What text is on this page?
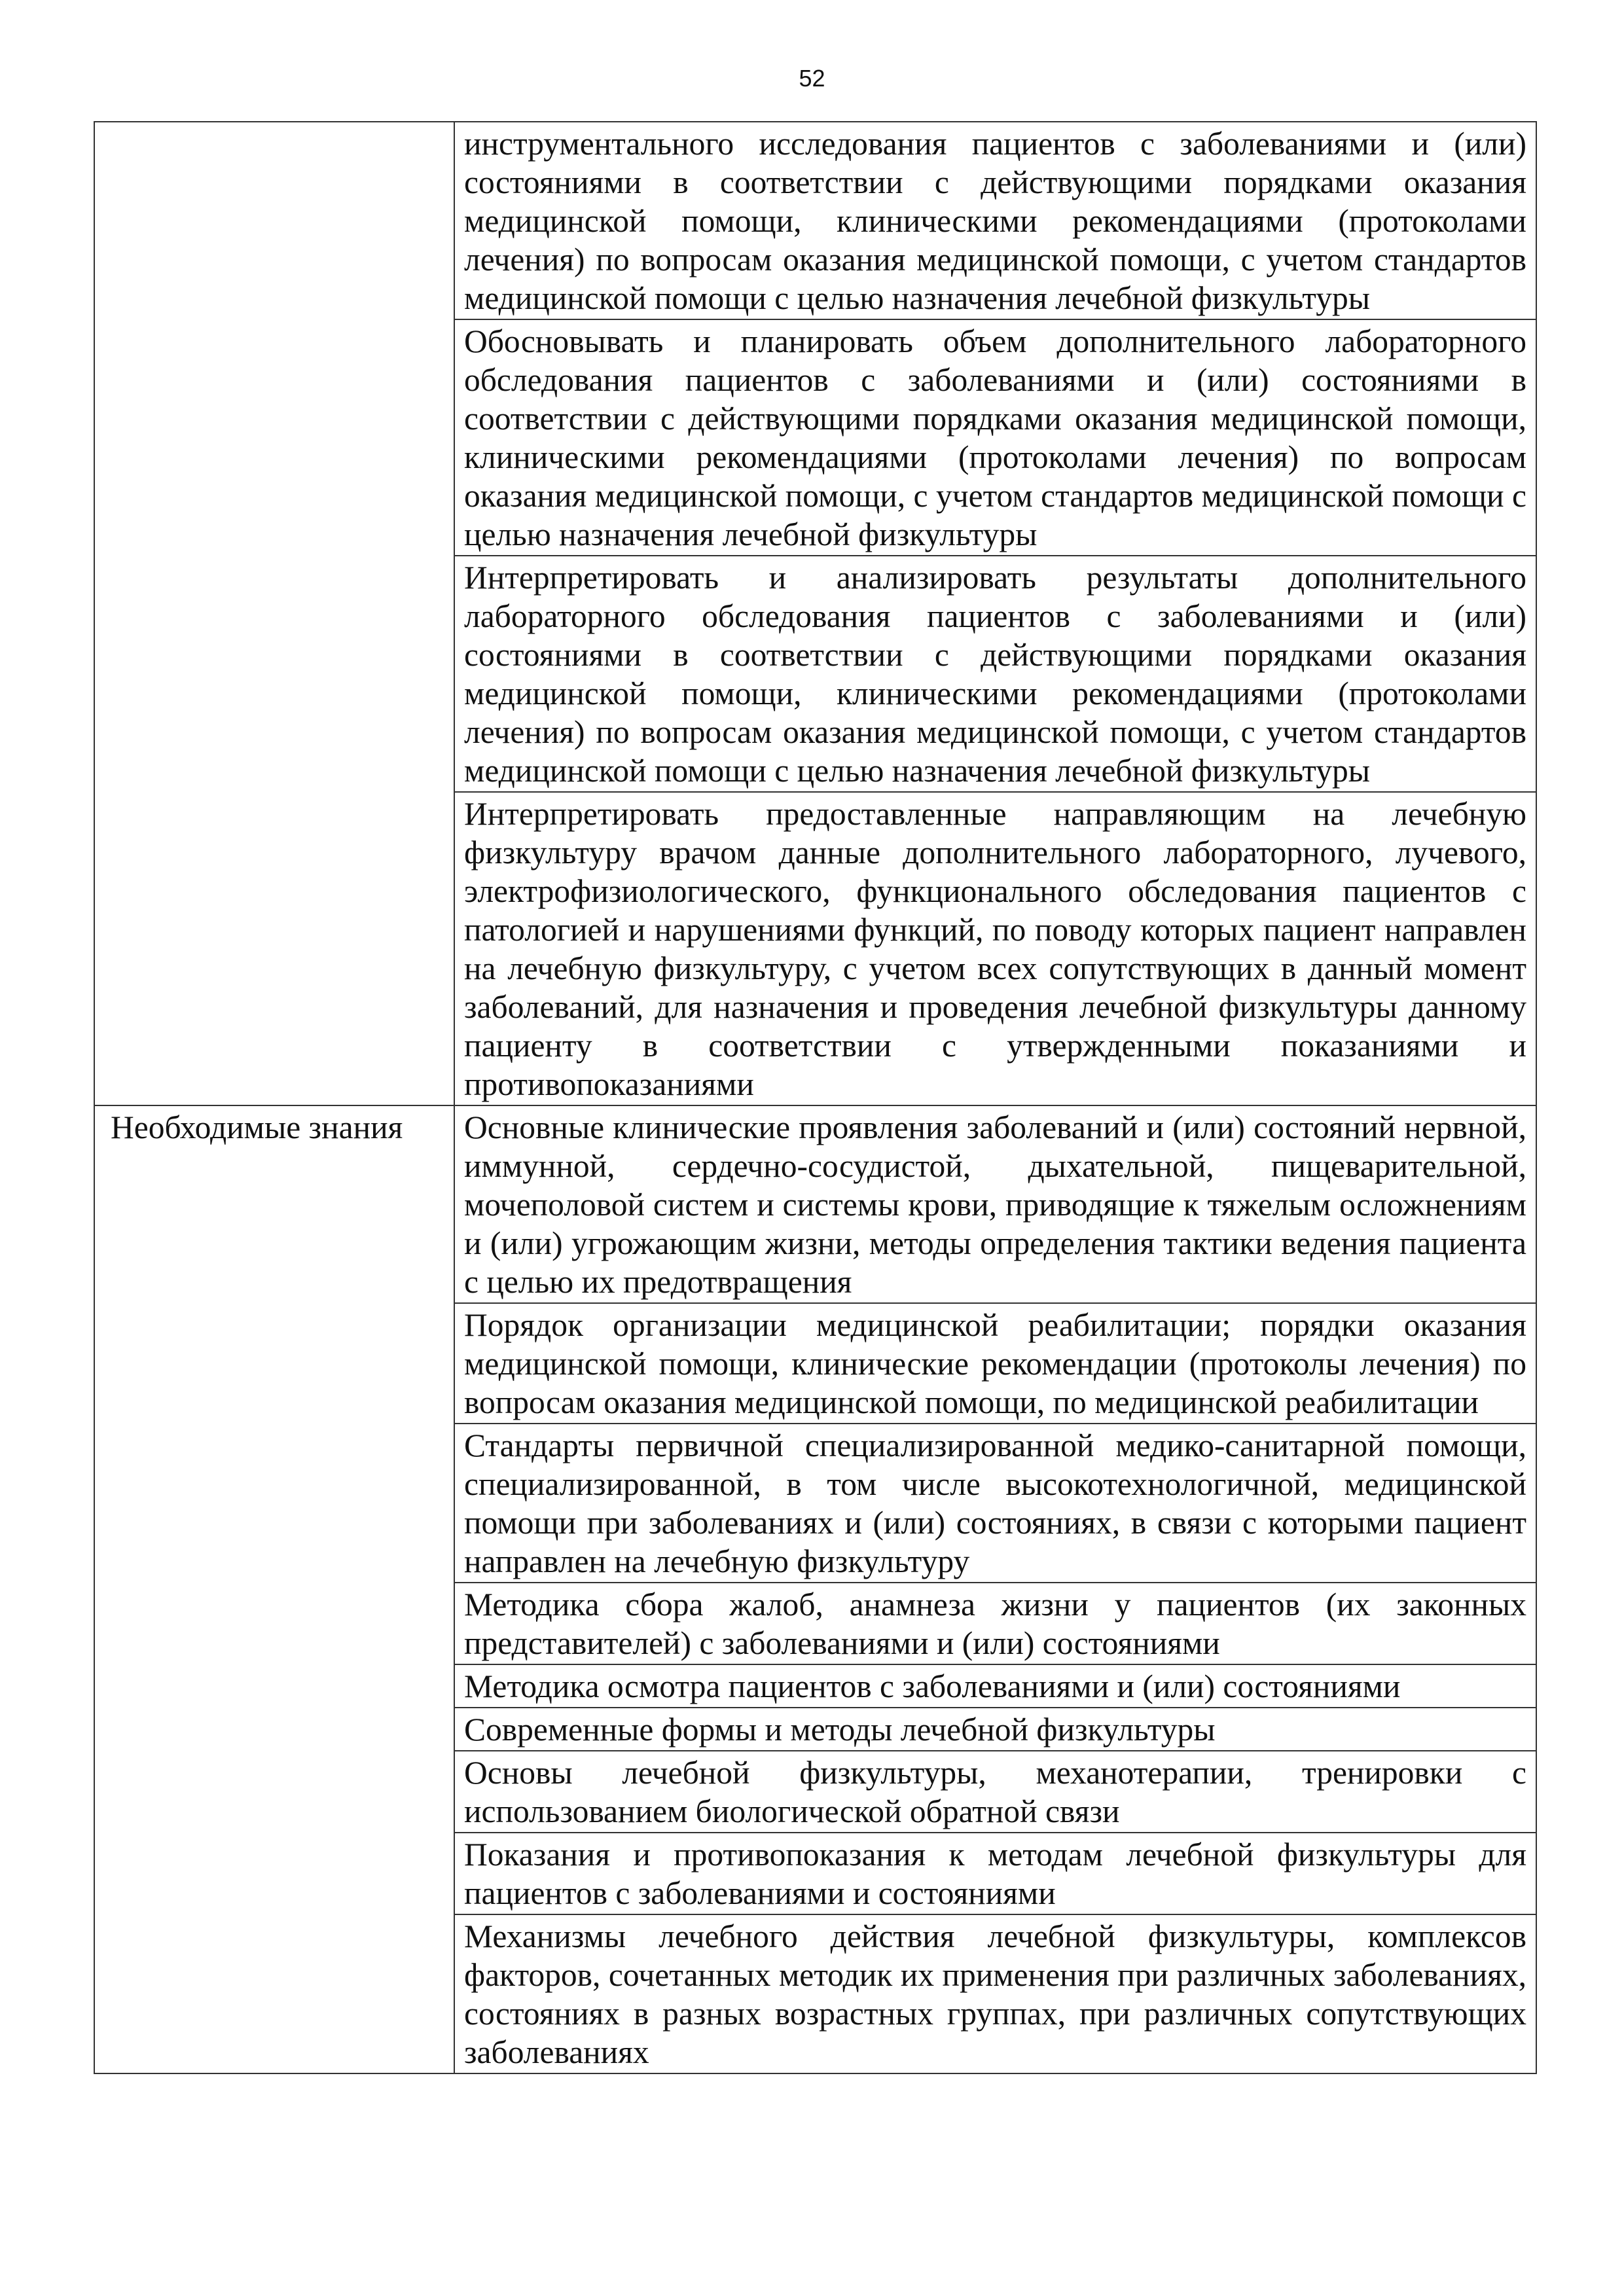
52
	инструментального исследования пациентов с заболеваниями и (или) состояниями в соответствии с действующими порядками оказания медицинской помощи, клиническими рекомендациями (протоколами лечения) по вопросам оказания медицинской помощи, с учетом стандартов медицинской помощи с целью назначения лечебной физкультуры
	Обосновывать и планировать объем дополнительного лабораторного обследования пациентов с заболеваниями и (или) состояниями в соответствии с действующими порядками оказания медицинской помощи, клиническими рекомендациями (протоколами лечения) по вопросам оказания медицинской помощи, с учетом стандартов медицинской помощи с целью назначения лечебной физкультуры
	Интерпретировать и анализировать результаты дополнительного лабораторного обследования пациентов с заболеваниями и (или) состояниями в соответствии с действующими порядками оказания медицинской помощи, клиническими рекомендациями (протоколами лечения) по вопросам оказания медицинской помощи, с учетом стандартов медицинской помощи с целью назначения лечебной физкультуры
	Интерпретировать предоставленные направляющим на лечебную физкультуру врачом данные дополнительного лабораторного, лучевого, электрофизиологического, функционального обследования пациентов с патологией и нарушениями функций, по поводу которых пациент направлен на лечебную физкультуру, с учетом всех сопутствующих в данный момент заболеваний, для назначения и проведения лечебной физкультуры данному пациенту в соответствии с утвержденными показаниями и противопоказаниями
Необходимые знания	Основные клинические проявления заболеваний и (или) состояний нервной, иммунной, сердечно-сосудистой, дыхательной, пищеварительной, мочеполовой систем и системы крови, приводящие к тяжелым осложнениям и (или) угрожающим жизни, методы определения тактики ведения пациента с целью их предотвращения
	Порядок организации медицинской реабилитации; порядки оказания медицинской помощи, клинические рекомендации (протоколы лечения) по вопросам оказания медицинской помощи, по медицинской реабилитации
	Стандарты первичной специализированной медико-санитарной помощи, специализированной, в том числе высокотехнологичной, медицинской помощи при заболеваниях и (или) состояниях, в связи с которыми пациент направлен на лечебную физкультуру
	Методика сбора жалоб, анамнеза жизни у пациентов (их законных представителей) с заболеваниями и (или) состояниями
	Методика осмотра пациентов с заболеваниями и (или) состояниями
	Современные формы и методы лечебной физкультуры
	Основы лечебной физкультуры, механотерапии, тренировки с использованием биологической обратной связи
	Показания и противопоказания к методам лечебной физкультуры для пациентов с заболеваниями и состояниями
	Механизмы лечебного действия лечебной физкультуры, комплексов факторов, сочетанных методик их применения при различных заболеваниях, состояниях в разных возрастных группах, при различных сопутствующих заболеваниях
